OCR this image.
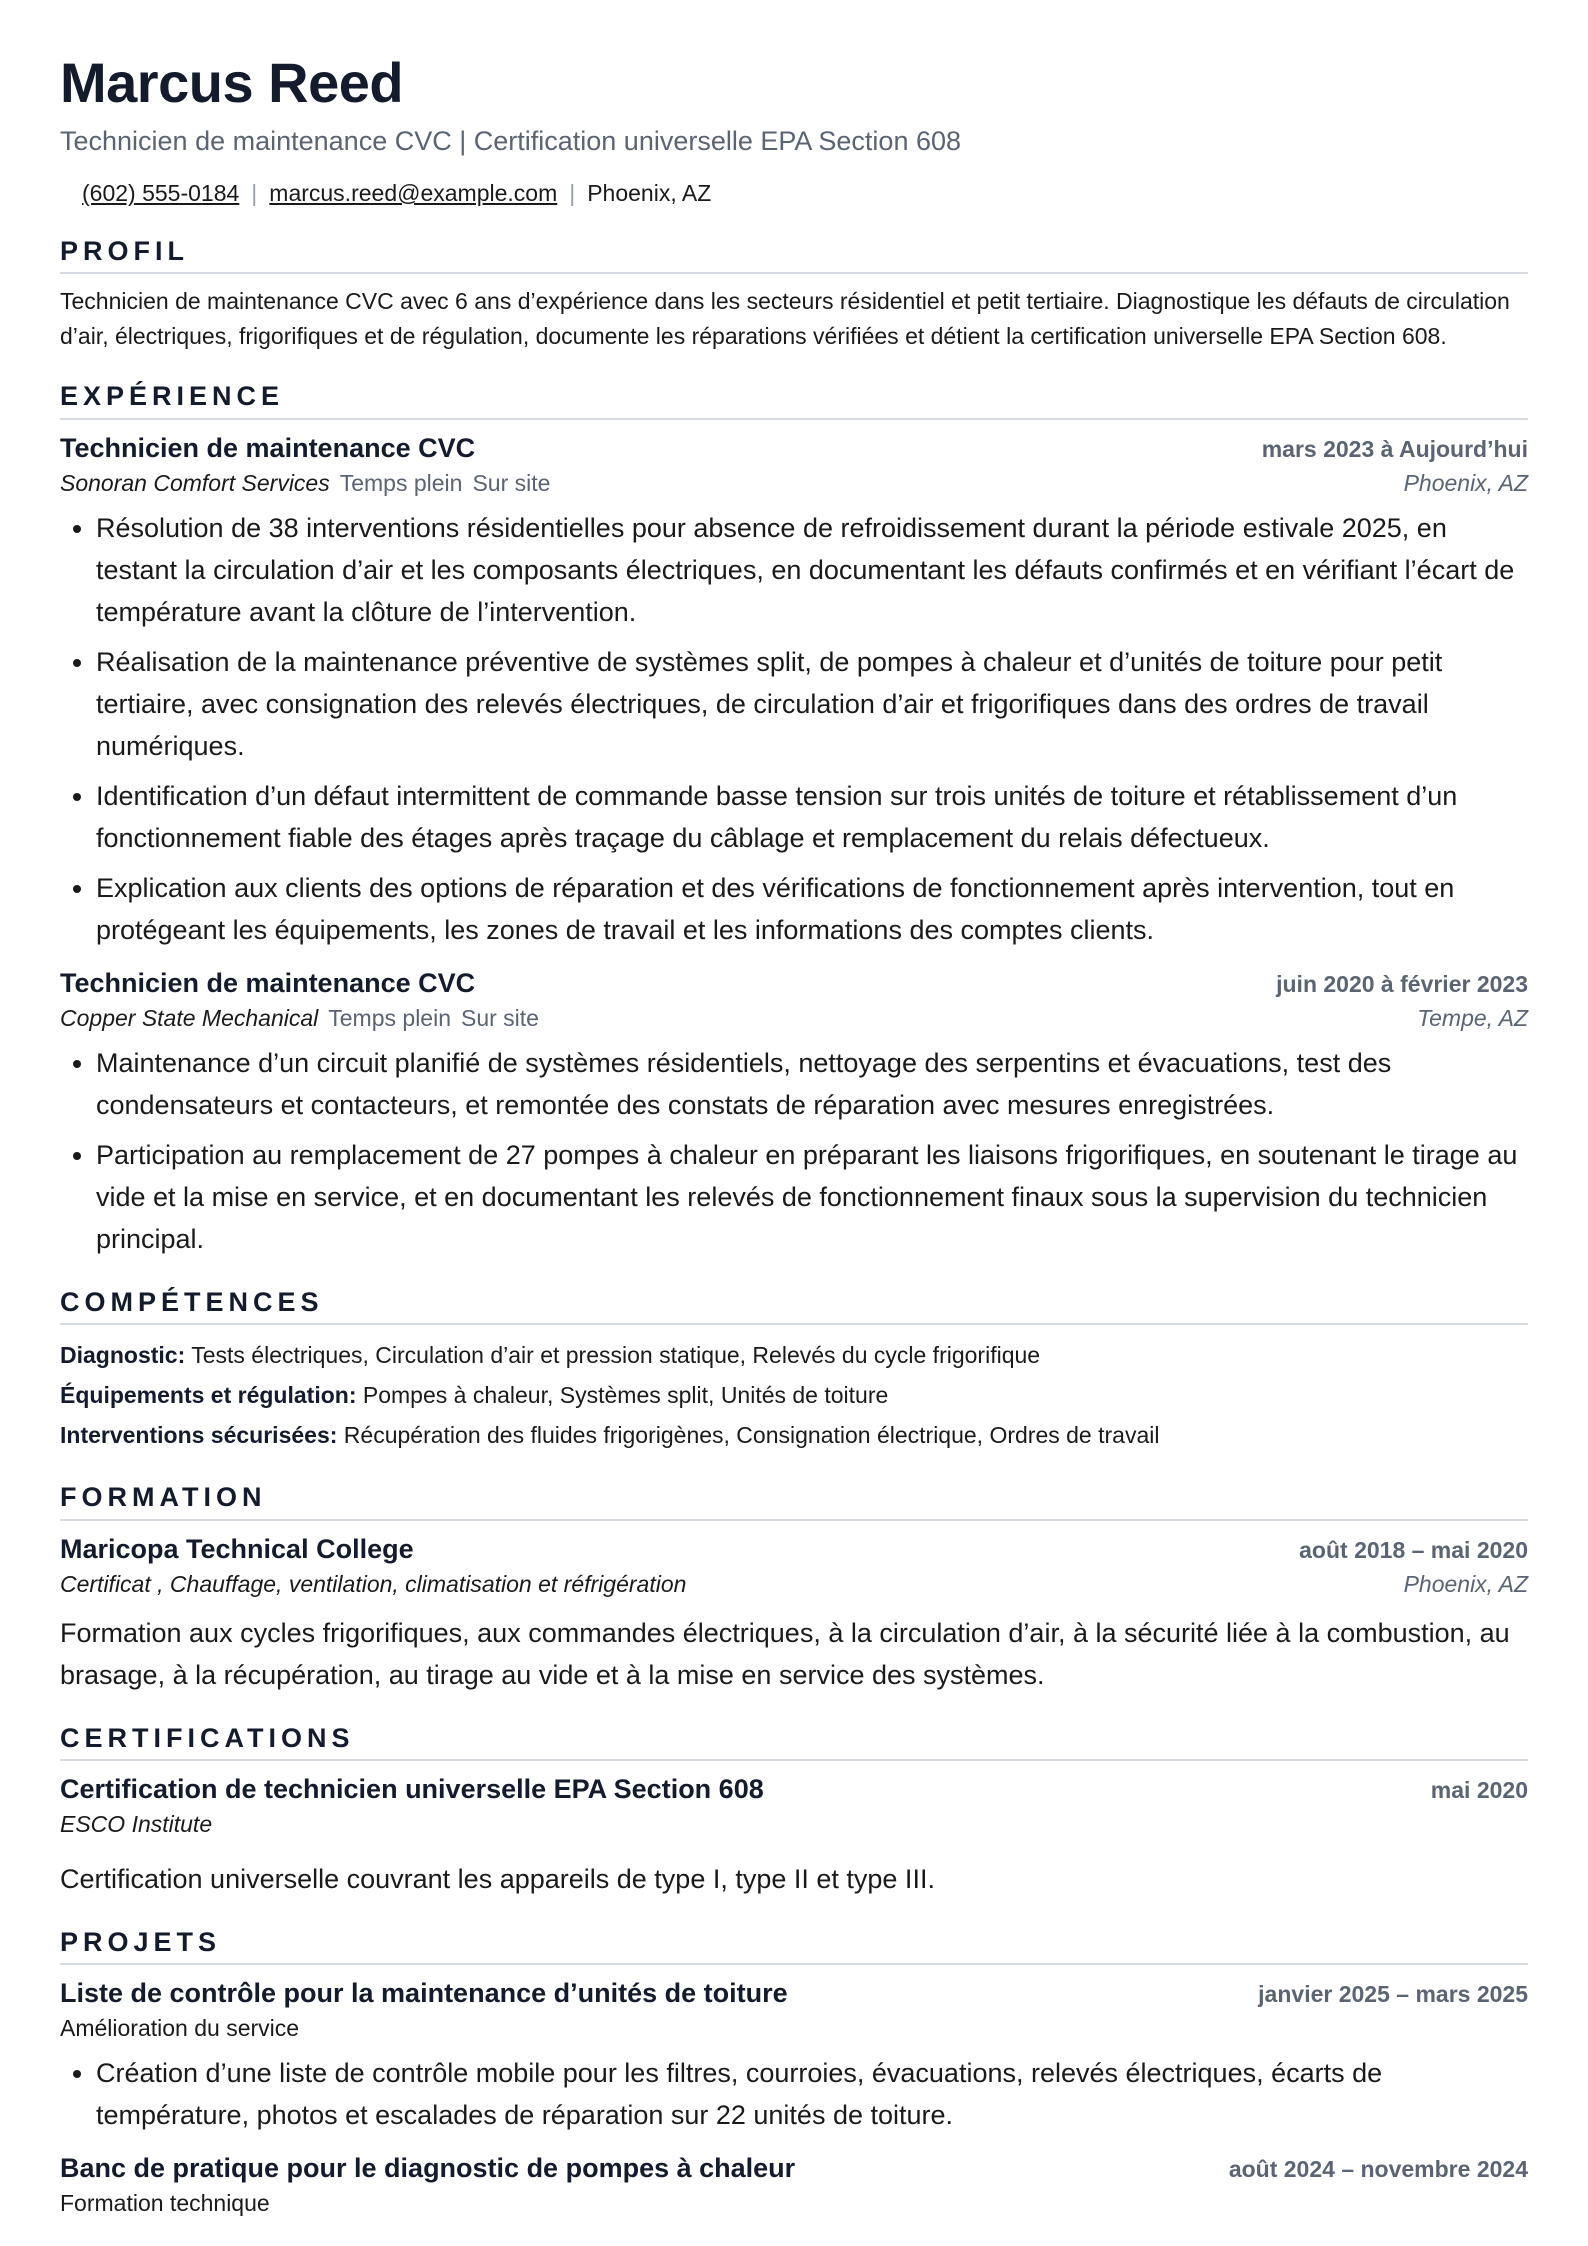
Marcus Reed

Technicien de maintenance CVC | Certification universelle EPA Section 608

(602) 555-0184 | marcus.reed@example.com | Phoenix, AZ
PROFIL

Technicien de maintenance CVC avec 6 ans d’expérience dans les secteurs résidentiel et petit tertiaire. Diagnostique les défauts de circulation d’air, électriques, frigorifiques et de régulation, documente les réparations vérifiées et détient la certification universelle EPA Section 608.

EXPÉRIENCE
Technicien de maintenance CVC	mars 2023 à Aujourd’hui
Sonoran Comfort Services Temps plein Sur site	Phoenix, AZ
• Résolution de 38 interventions résidentielles pour absence de refroidissement durant la période estivale 2025, en testant la circulation d’air et les composants électriques, en documentant les défauts confirmés et en vérifiant l’écart de température avant la clôture de l’intervention.
• Réalisation de la maintenance préventive de systèmes split, de pompes à chaleur et d’unités de toiture pour petit tertiaire, avec consignation des relevés électriques, de circulation d’air et frigorifiques dans des ordres de travail numériques.
• Identification d’un défaut intermittent de commande basse tension sur trois unités de toiture et rétablissement d’un fonctionnement fiable des étages après traçage du câblage et remplacement du relais défectueux.
• Explication aux clients des options de réparation et des vérifications de fonctionnement après intervention, tout en protégeant les équipements, les zones de travail et les informations des comptes clients.
Technicien de maintenance CVC	juin 2020 à février 2023
Copper State Mechanical Temps plein Sur site	Tempe, AZ
• Maintenance d’un circuit planifié de systèmes résidentiels, nettoyage des serpentins et évacuations, test des condensateurs et contacteurs, et remontée des constats de réparation avec mesures enregistrées.
• Participation au remplacement de 27 pompes à chaleur en préparant les liaisons frigorifiques, en soutenant le tirage au vide et la mise en service, et en documentant les relevés de fonctionnement finaux sous la supervision du technicien principal.
COMPÉTENCES
Diagnostic: Tests électriques, Circulation d’air et pression statique, Relevés du cycle frigorifique
Équipements et régulation: Pompes à chaleur, Systèmes split, Unités de toiture
Interventions sécurisées: Récupération des fluides frigorigènes, Consignation électrique, Ordres de travail
FORMATION
Maricopa Technical College	août 2018 – mai 2020
Certificat , Chauffage, ventilation, climatisation et réfrigération	Phoenix, AZ

Formation aux cycles frigorifiques, aux commandes électriques, à la circulation d’air, à la sécurité liée à la combustion, au brasage, à la récupération, au tirage au vide et à la mise en service des systèmes.

CERTIFICATIONS
Certification de technicien universelle EPA Section 608	mai 2020
ESCO Institute

Certification universelle couvrant les appareils de type I, type II et type III.

PROJETS
Liste de contrôle pour la maintenance d’unités de toiture	janvier 2025 – mars 2025
Amélioration du service
• Création d’une liste de contrôle mobile pour les filtres, courroies, évacuations, relevés électriques, écarts de température, photos et escalades de réparation sur 22 unités de toiture.
Banc de pratique pour le diagnostic de pompes à chaleur	août 2024 – novembre 2024
Formation technique
